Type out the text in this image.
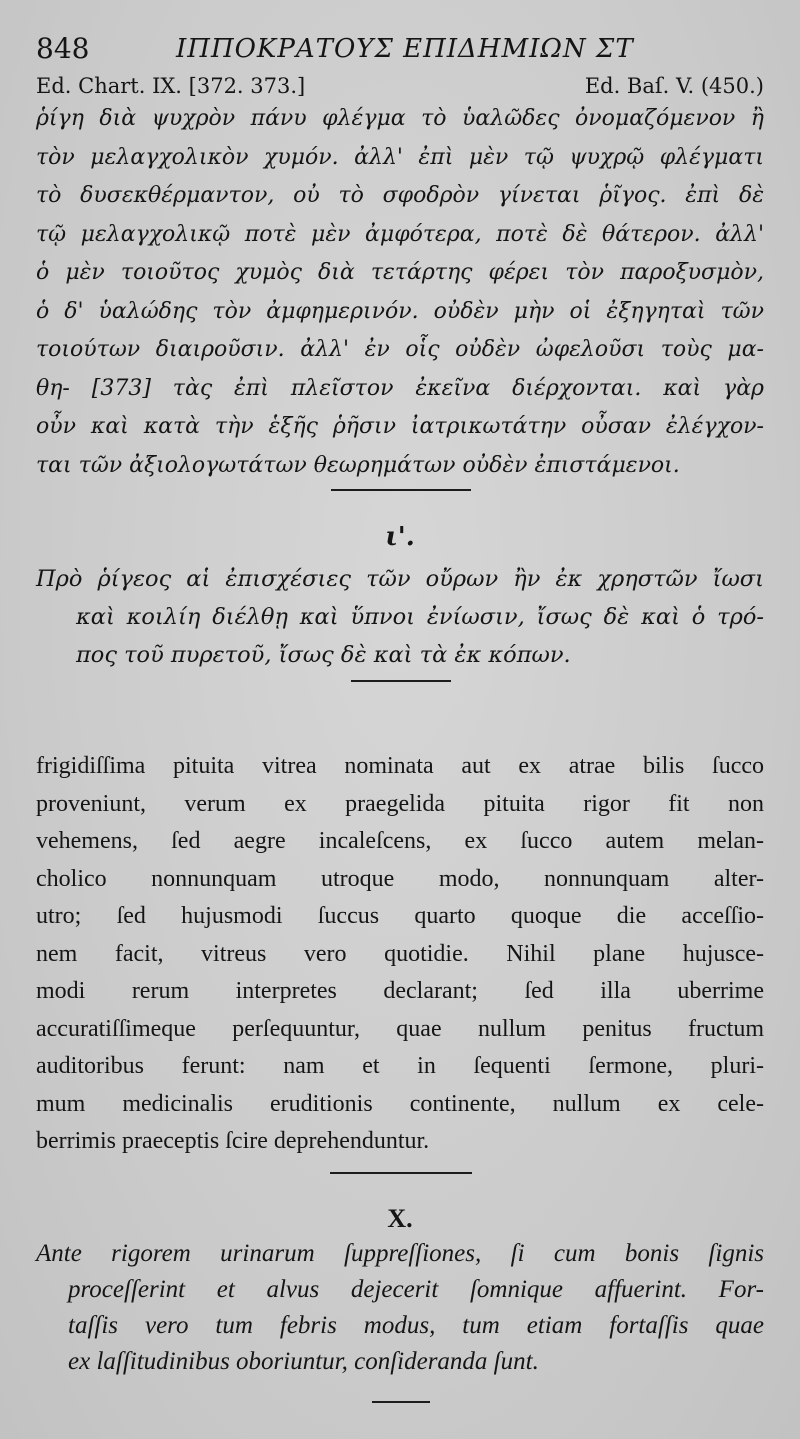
848	ΙΠΠΟΚΡΑΤΟΥΣ ΕΠΙΔΗΜΙΩΝ ΣΤ
Ed. Chart. IX. [372. 373.]	Ed. Baſ. V. (450.)
ῥίγη διὰ ψυχρὸν πάνυ φλέγμα τὸ ὑαλῶδες ὀνομαζόμενον ἢ
τὸν μελαγχολικὸν χυμόν. ἀλλ' ἐπὶ μὲν τῷ ψυχρῷ φλέγματι
τὸ δυσεκθέρμαντον, οὐ τὸ σφοδρὸν γίνεται ῥῖγος. ἐπὶ δὲ
τῷ μελαγχολικῷ ποτὲ μὲν ἀμφότερα, ποτὲ δὲ θάτερον. ἀλλ'
ὁ μὲν τοιοῦτος χυμὸς διὰ τετάρτης φέρει τὸν παροξυσμὸν,
ὁ δ' ὑαλώδης τὸν ἀμφημερινόν. οὐδὲν μὴν οἱ ἐξηγηταὶ τῶν
τοιούτων διαιροῦσιν. ἀλλ' ἐν οἷς οὐδὲν ὠφελοῦσι τοὺς μα-
θη- [373] τὰς ἐπὶ πλεῖστον ἐκεῖνα διέρχονται. καὶ γὰρ
οὖν καὶ κατὰ τὴν ἑξῆς ῥῆσιν ἰατρικωτάτην οὖσαν ἐλέγχον-
ται τῶν ἀξιολογωτάτων θεωρημάτων οὐδὲν ἐπιστάμενοι.
ι'.
Πρὸ ῥίγεος αἱ ἐπισχέσιες τῶν οὔρων ἢν ἐκ χρηστῶν ἴωσι
καὶ κοιλίη διέλθῃ καὶ ὕπνοι ἐνίωσιν, ἴσως δὲ καὶ ὁ τρό-
πος τοῦ πυρετοῦ, ἴσως δὲ καὶ τὰ ἐκ κόπων.
frigidiſſima pituita vitrea nominata aut ex atrae bilis ſucco
proveniunt, verum ex praegelida pituita rigor fit non
vehemens, ſed aegre incaleſcens, ex ſucco autem melan-
cholico nonnunquam utroque modo, nonnunquam alter-
utro; ſed hujusmodi ſuccus quarto quoque die acceſſio-
nem facit, vitreus vero quotidie. Nihil plane hujusce-
modi rerum interpretes declarant; ſed illa uberrime
accuratiſſimeque perſequuntur, quae nullum penitus fructum
auditoribus ferunt: nam et in ſequenti ſermone, pluri-
mum medicinalis eruditionis continente, nullum ex cele-
berrimis praeceptis ſcire deprehenduntur.
X.
Ante rigorem urinarum ſuppreſſiones, ſi cum bonis ſignis
proceſſerint et alvus dejecerit ſomnique affuerint. For-
taſſis vero tum febris modus, tum etiam fortaſſis quae
ex laſſitudinibus oboriuntur, conſideranda ſunt.
